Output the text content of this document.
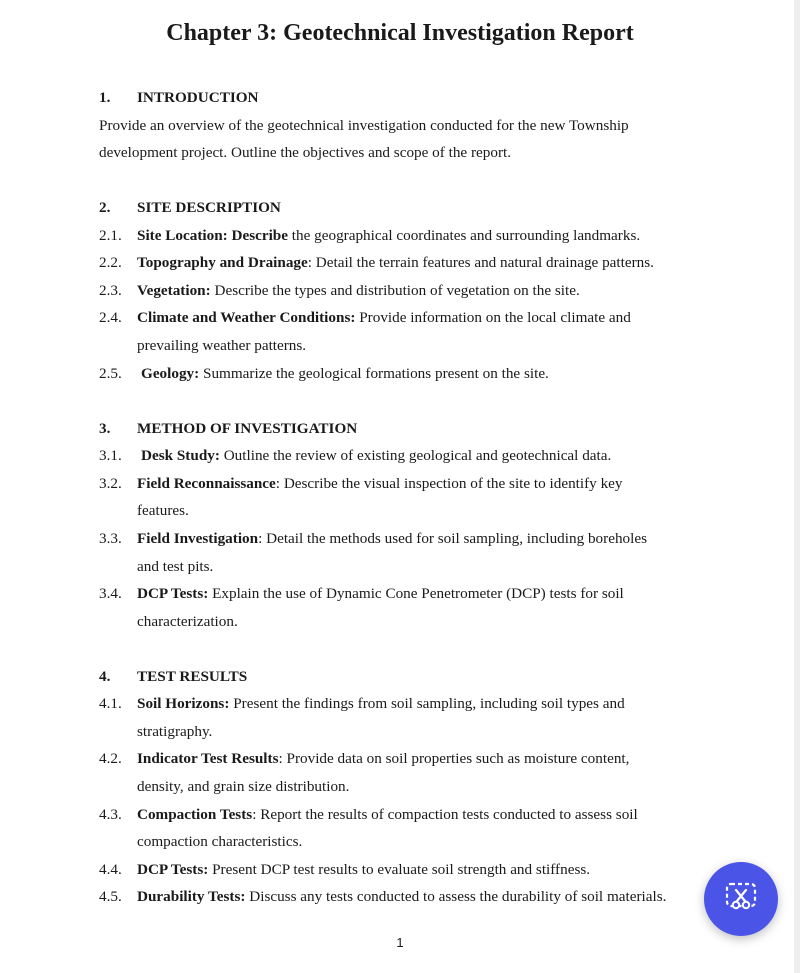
Chapter 3: Geotechnical Investigation Report
1. INTRODUCTION
Provide an overview of the geotechnical investigation conducted for the new Township
development project. Outline the objectives and scope of the report.
2. SITE DESCRIPTION
2.1. Site Location: Describe the geographical coordinates and surrounding landmarks.
2.2. Topography and Drainage: Detail the terrain features and natural drainage patterns.
2.3. Vegetation: Describe the types and distribution of vegetation on the site.
2.4. Climate and Weather Conditions: Provide information on the local climate and
prevailing weather patterns.
2.5. Geology: Summarize the geological formations present on the site.
3. METHOD OF INVESTIGATION
3.1. Desk Study: Outline the review of existing geological and geotechnical data.
3.2. Field Reconnaissance: Describe the visual inspection of the site to identify key
features.
3.3. Field Investigation: Detail the methods used for soil sampling, including boreholes
and test pits.
3.4. DCP Tests: Explain the use of Dynamic Cone Penetrometer (DCP) tests for soil
characterization.
4. TEST RESULTS
4.1. Soil Horizons: Present the findings from soil sampling, including soil types and
stratigraphy.
4.2. Indicator Test Results: Provide data on soil properties such as moisture content,
density, and grain size distribution.
4.3. Compaction Tests: Report the results of compaction tests conducted to assess soil
compaction characteristics.
4.4. DCP Tests: Present DCP test results to evaluate soil strength and stiffness.
4.5. Durability Tests: Discuss any tests conducted to assess the durability of soil materials.
1
